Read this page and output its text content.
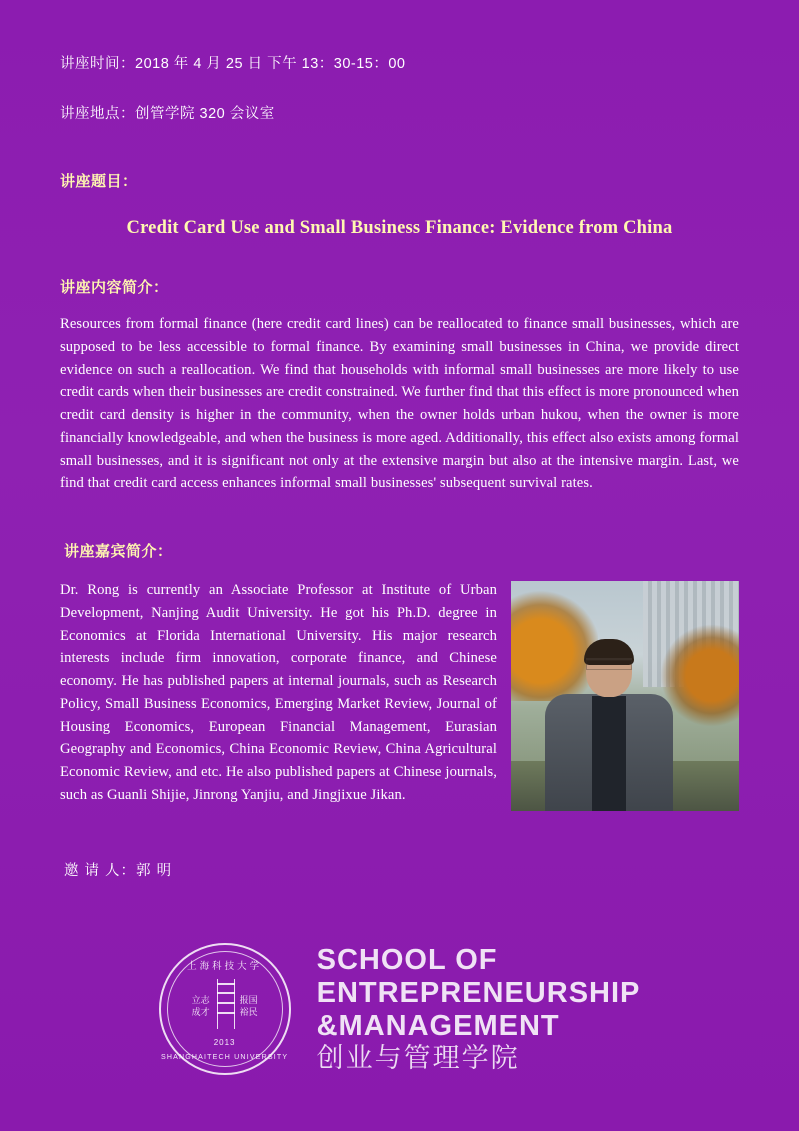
讲座时间：2018 年 4 月 25 日 下午 13：30-15：00

讲座地点：创管学院 320 会议室

讲座题目：
Credit Card Use and Small Business Finance: Evidence from China
讲座内容简介：
Resources from formal finance (here credit card lines) can be reallocated to finance small businesses, which are supposed to be less accessible to formal finance. By examining small businesses in China, we provide direct evidence on such a reallocation. We find that households with informal small businesses are more likely to use credit cards when their businesses are credit constrained. We further find that this effect is more pronounced when credit card density is higher in the community, when the owner holds urban hukou, when the owner is more financially knowledgeable, and when the business is more aged. Additionally, this effect also exists among formal small businesses, and it is significant not only at the extensive margin but also at the intensive margin. Last, we find that credit card access enhances informal small businesses' subsequent survival rates.
讲座嘉宾简介：
Dr. Rong is currently an Associate Professor at Institute of Urban Development, Nanjing Audit University. He got his Ph.D. degree in Economics at Florida International University. His major research interests include firm innovation, corporate finance, and Chinese economy. He has published papers at internal journals, such as Research Policy, Small Business Economics, Emerging Market Review, Journal of Housing Economics, European Financial Management, Eurasian Geography and Economics, China Economic Review, China Agricultural Economic Review, and etc. He also published papers at Chinese journals, such as Guanli Shijie, Jinrong Yanjiu, and Jingjixue Jikan.
邀 请 人：郭 明
上海科技大学
立志	报国
成才	裕民
2013
SHANGHAITECH UNIVERSITY
SCHOOL OF
ENTREPRENEURSHIP
&MANAGEMENT
创业与管理学院
